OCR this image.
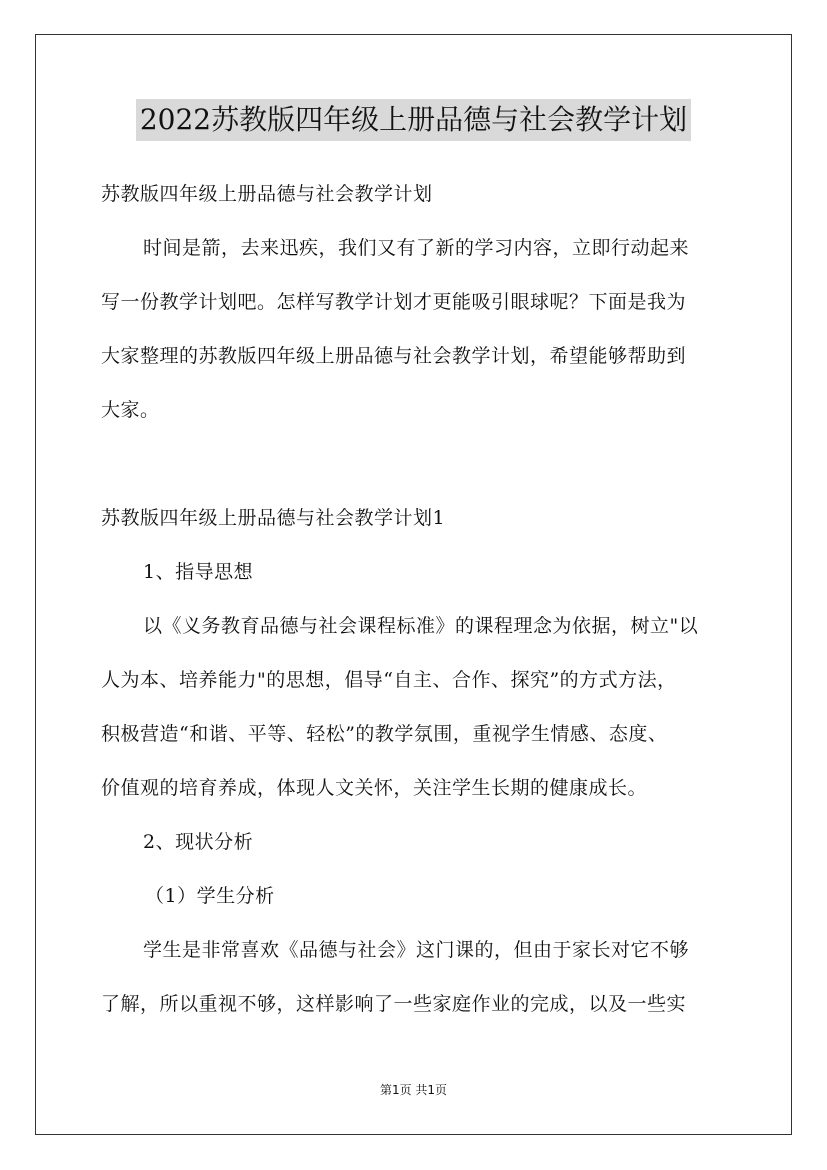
2022苏教版四年级上册品德与社会教学计划
苏教版四年级上册品德与社会教学计划
时间是箭，去来迅疾，我们又有了新的学习内容，立即行动起来
写一份教学计划吧。怎样写教学计划才更能吸引眼球呢？下面是我为
大家整理的苏教版四年级上册品德与社会教学计划，希望能够帮助到
大家。
苏教版四年级上册品德与社会教学计划1
1、指导思想
以《义务教育品德与社会课程标准》的课程理念为依据，树立"以
人为本、培养能力"的思想，倡导“自主、合作、探究”的方式方法，
积极营造“和谐、平等、轻松”的教学氛围，重视学生情感、态度、
价值观的培育养成，体现人文关怀，关注学生长期的健康成长。
2、现状分析
（1）学生分析
学生是非常喜欢《品德与社会》这门课的，但由于家长对它不够
了解，所以重视不够，这样影响了一些家庭作业的完成，以及一些实
第1页 共1页
